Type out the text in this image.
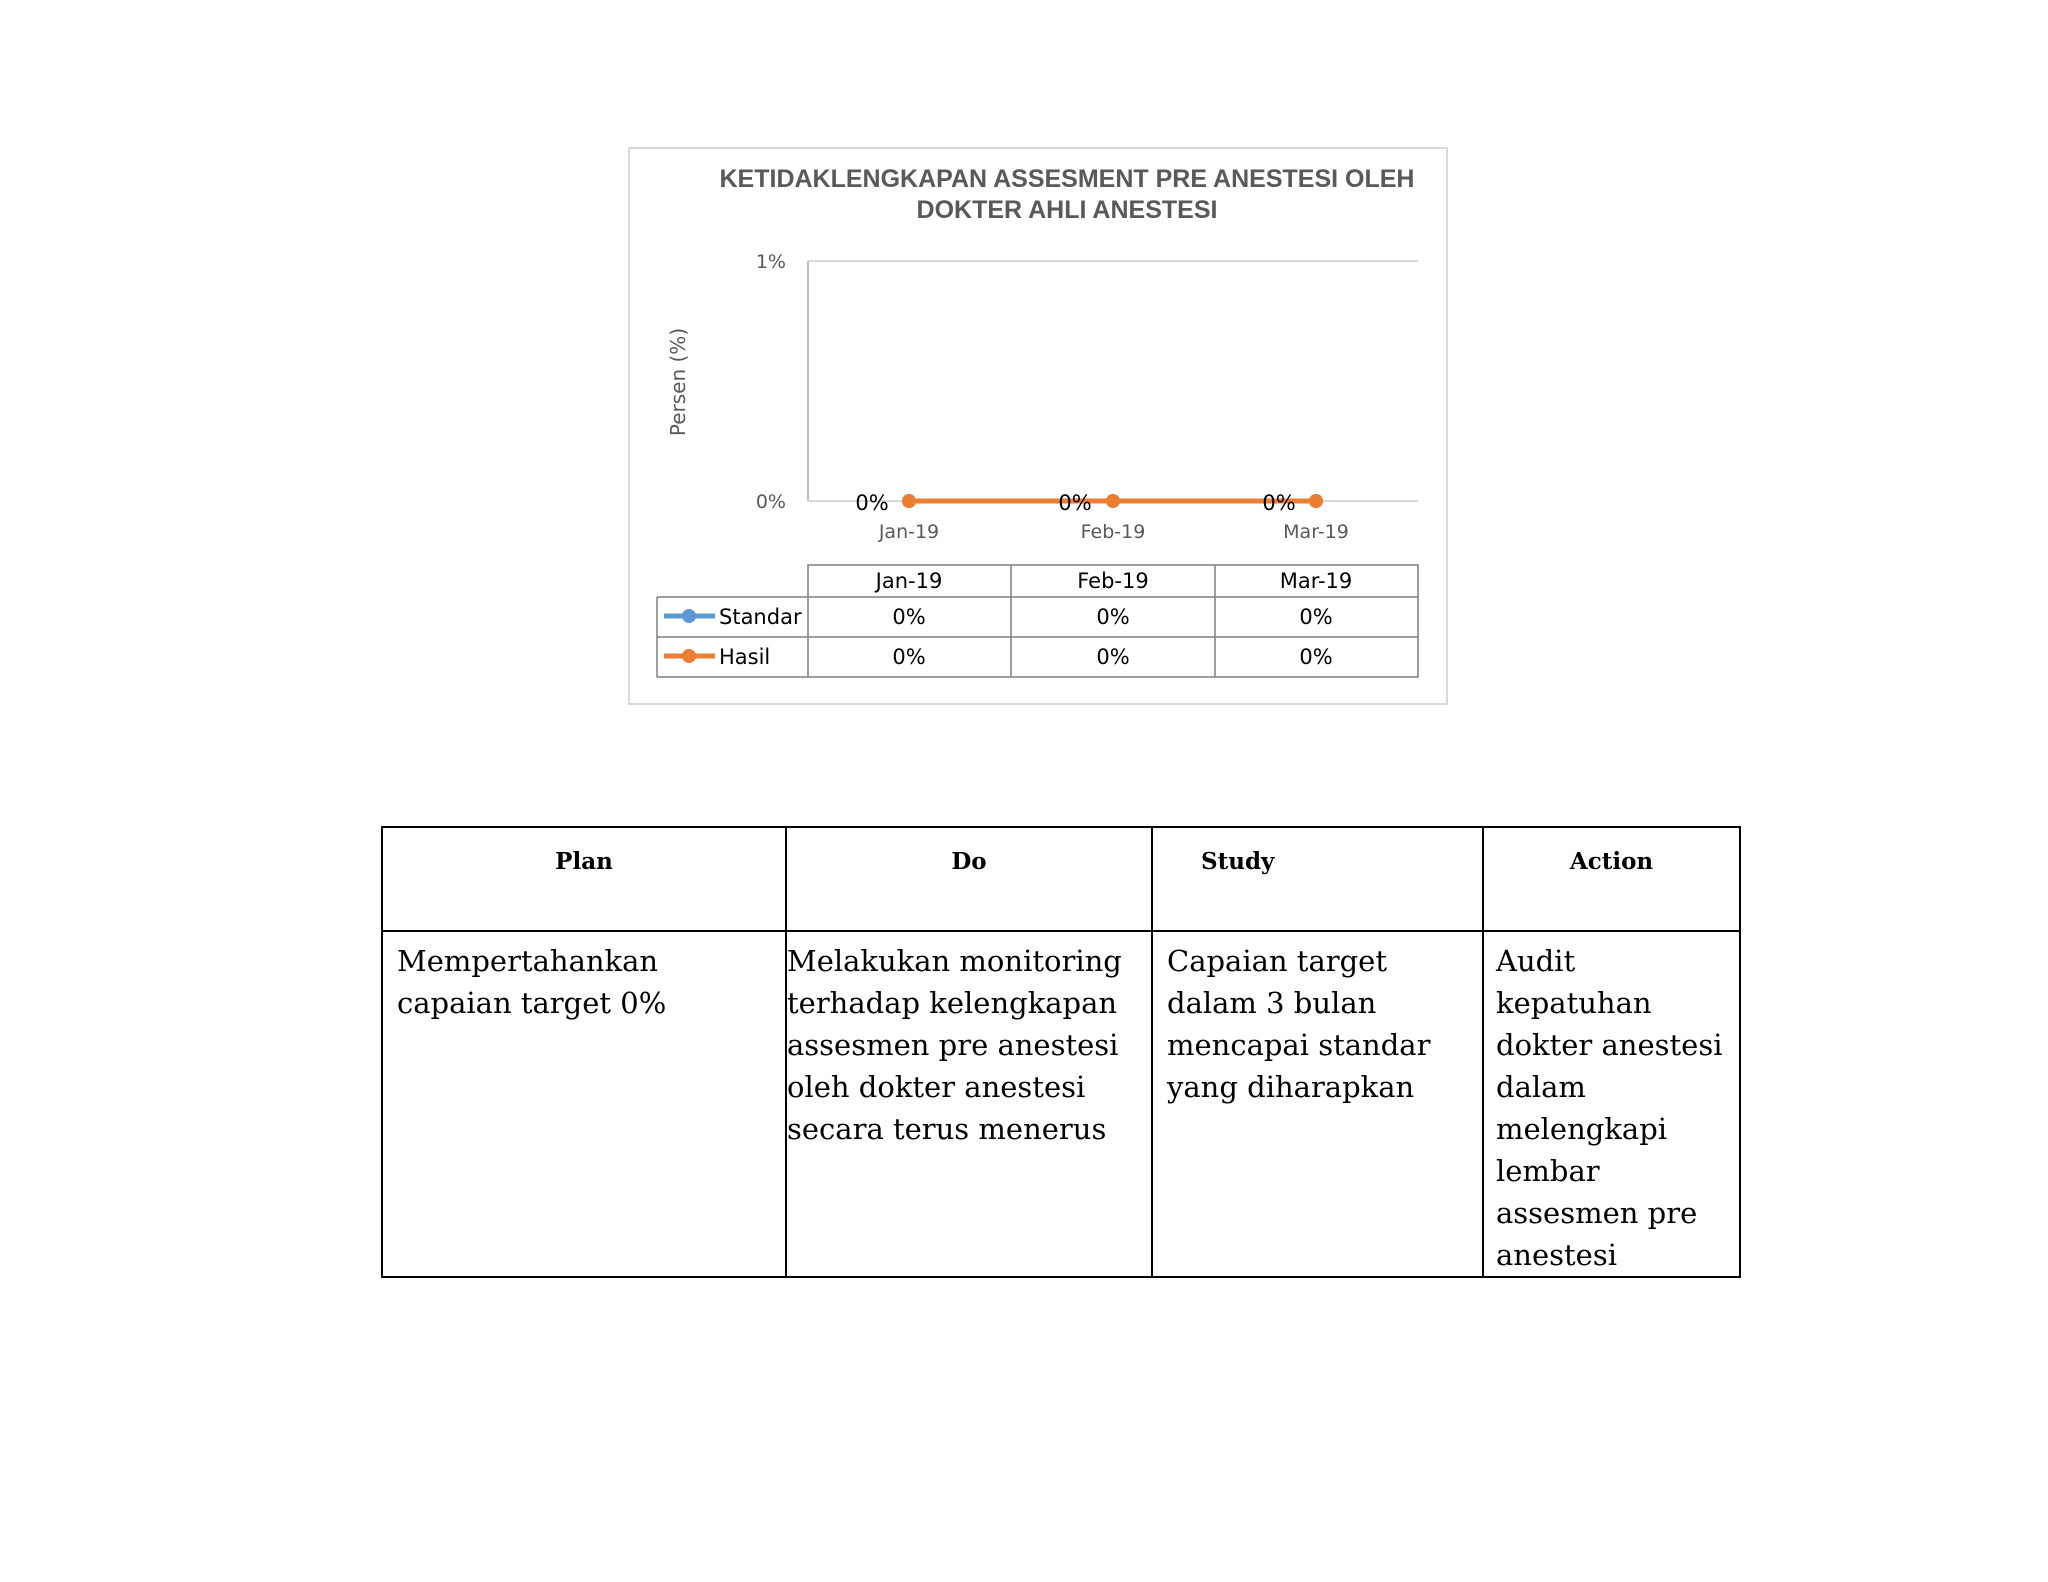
KETIDAKLENGKAPAN ASSESMENT PRE ANESTESI OLEH
DOKTER AHLI ANESTESI
Persen (%)
1%
0%
Jan-19	Feb-19	Mar-19
0%	0%	0%
Jan-19	Feb-19	Mar-19
Standar	0%	0%	0%
Hasil	0%	0%	0%
Plan	Do	Study	Action
Mempertahankan capaian target 0%	Melakukan monitoring terhadap kelengkapan assesmen pre anestesi oleh dokter anestesi secara terus menerus	Capaian target dalam 3 bulan mencapai standar yang diharapkan	Audit kepatuhan dokter anestesi dalam melengkapi lembar assesmen pre anestesi
